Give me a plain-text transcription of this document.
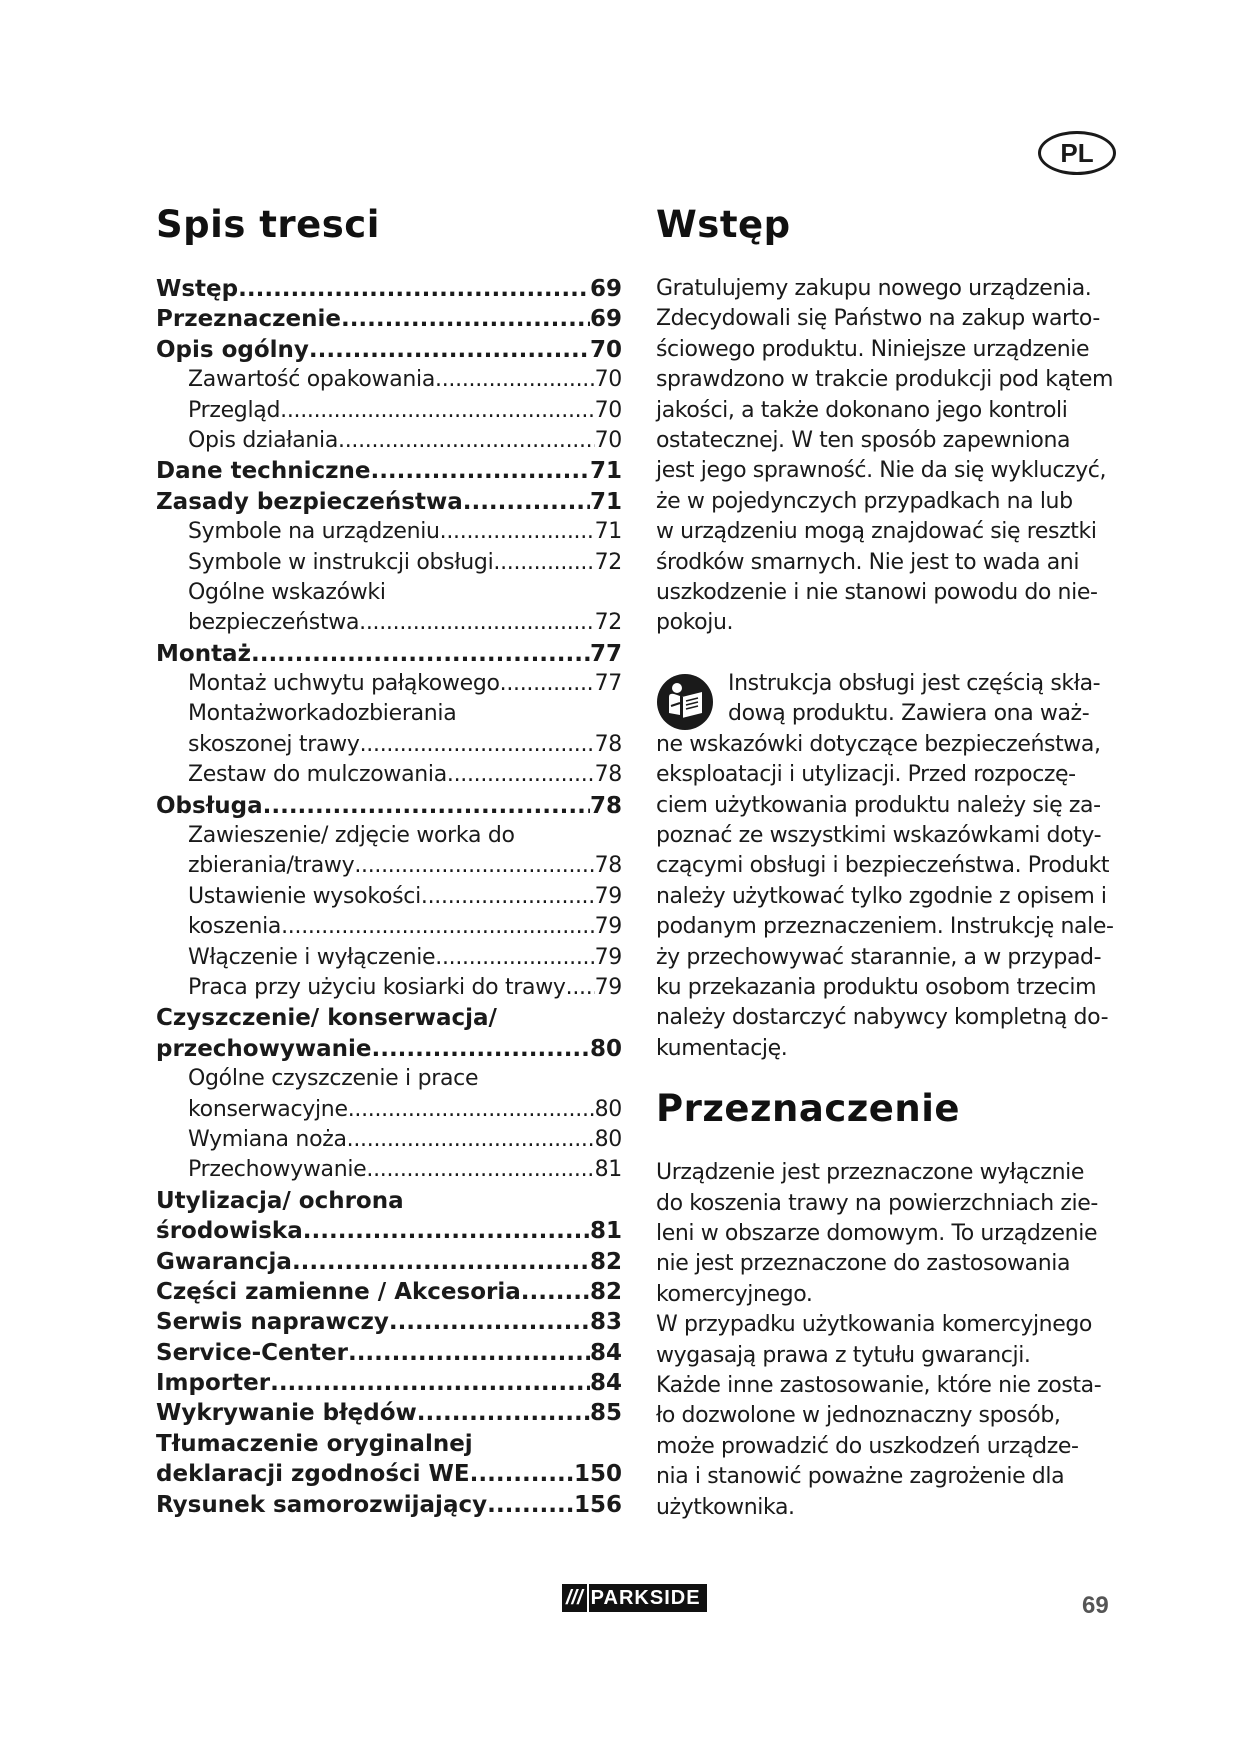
PL
Spis tresci
Wstęp .....	69
Przeznaczenie .....	69
Opis ogólny .....	70
Zawartość opakowania .....	70
Przegląd .....	70
Opis działania .....	70
Dane techniczne .....	71
Zasady bezpieczeństwa .....	71
Symbole na urządzeniu .....	71
Symbole w instrukcji obsługi .....	72
Ogólne wskazówki
bezpieczeństwa .....	72
Montaż .....	77
Montaż uchwytu pałąkowego .....	77
Montażworkadozbierania
skoszonej trawy .....	78
Zestaw do mulczowania .....	78
Obsługa .....	78
Zawieszenie/ zdjęcie worka do
zbierania/trawy .....	78
Ustawienie wysokości .....	79
koszenia .....	79
Włączenie i wyłączenie .....	79
Praca przy użyciu kosiarki do trawy ..... 79
Czyszczenie/ konserwacja/
przechowywanie .....	80
Ogólne czyszczenie i prace
konserwacyjne .....	80
Wymiana noża .....	80
Przechowywanie .....	81
Utylizacja/ ochrona
środowiska .....	81
Gwarancja .....	82
Części zamienne / Akcesoria .....	82
Serwis naprawczy .....	83
Service-Center .....	84
Importer .....	84
Wykrywanie błędów .....	85
Tłumaczenie oryginalnej
deklaracji zgodności WE .....	150
Rysunek samorozwijający .....	156
Wstęp
Gratulujemy zakupu nowego urządzenia.
Zdecydowali się Państwo na zakup warto-
ściowego produktu. Niniejsze urządzenie
sprawdzono w trakcie produkcji pod kątem
jakości, a także dokonano jego kontroli
ostatecznej. W ten sposób zapewniona
jest jego sprawność. Nie da się wykluczyć,
że w pojedynczych przypadkach na lub
w urządzeniu mogą znajdować się resztki
środków smarnych. Nie jest to wada ani
uszkodzenie i nie stanowi powodu do nie-
pokoju.
Instrukcja obsługi jest częścią skła-
dową produktu. Zawiera ona waż-
ne wskazówki dotyczące bezpieczeństwa,
eksploatacji i utylizacji. Przed rozpoczę-
ciem użytkowania produktu należy się za-
poznać ze wszystkimi wskazówkami doty-
czącymi obsługi i bezpieczeństwa. Produkt
należy użytkować tylko zgodnie z opisem i
podanym przeznaczeniem. Instrukcję nale-
ży przechowywać starannie, a w przypad-
ku przekazania produktu osobom trzecim
należy dostarczyć nabywcy kompletną do-
kumentację.
Przeznaczenie
Urządzenie jest przeznaczone wyłącznie
do koszenia trawy na powierzchniach zie-
leni w obszarze domowym. To urządzenie
nie jest przeznaczone do zastosowania
komercyjnego.
W przypadku użytkowania komercyjnego
wygasają prawa z tytułu gwarancji.
Każde inne zastosowanie, które nie zosta-
ło dozwolone w jednoznaczny sposób,
może prowadzić do uszkodzeń urządze-
nia i stanowić poważne zagrożenie dla
użytkownika.
/// PARKSIDE	69
